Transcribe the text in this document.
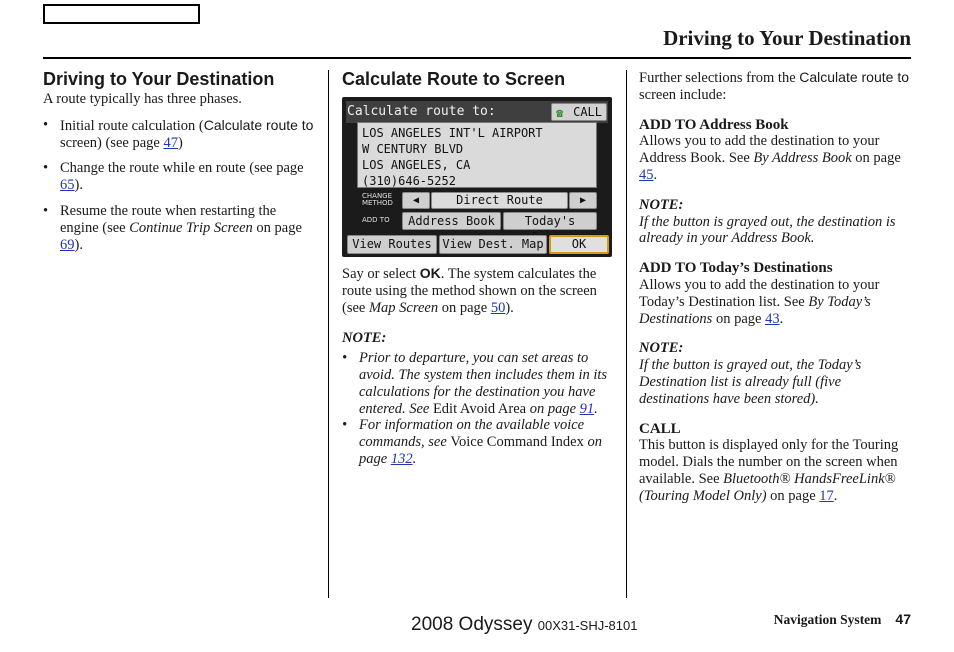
Driving to Your Destination
Driving to Your Destination

A route typically has three phases.

• Initial route calculation (Calculate route to screen) (see page 47)
• Change the route while en route (see page 65).
• Resume the route when restarting the engine (see Continue Trip Screen on page 69).
Calculate Route to Screen
Calculate route to:	☎ CALL
LOS ANGELES INT'L AIRPORT
W CENTURY BLVD
LOS ANGELES, CA
(310)646-5252
CHANGE METHOD	◀	Direct Route	▶
ADD TO	Address Book	Today's
View Routes View Dest. Map	OK

Say or select OK. The system calculates the route using the method shown on the screen (see Map Screen on page 50).

NOTE:

• Prior to departure, you can set areas to avoid. The system then includes them in its calculations for the destination you have entered. See Edit Avoid Area on page 91.
• For information on the available voice commands, see Voice Command Index on page 132.

Further selections from the Calculate route to screen include:

ADD TO Address Book

Allows you to add the destination to your Address Book. See By Address Book on page 45.

NOTE:

If the button is grayed out, the destination is already in your Address Book.

ADD TO Today’s Destinations

Allows you to add the destination to your Today’s Destination list. See By Today’s Destinations on page 43.

NOTE:

If the button is grayed out, the Today’s Destination list is already full (five destinations have been stored).

CALL

This button is displayed only for the Touring model. Dials the number on the screen when available. See Bluetooth® HandsFreeLink® (Touring Model Only) on page 17.

2008 Odyssey 00X31-SHJ-8101	Navigation System 47
